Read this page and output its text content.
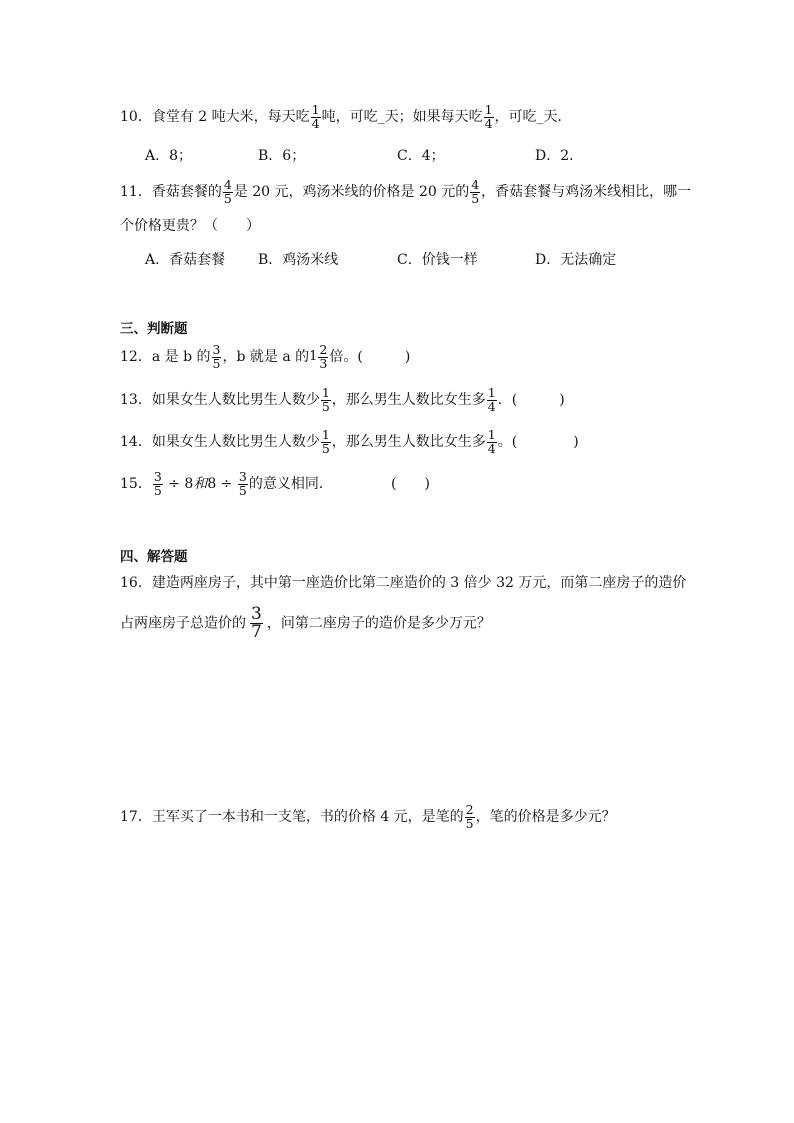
10．食堂有 2 吨大米，每天吃 $\frac{1}{4}$ 吨，可吃_天；如果每天吃 $\frac{1}{4}$ ，可吃_天．
A．8；	B．6；	C．4；	D．2．
11．香菇套餐的 $\frac{4}{5}$ 是 20 元，鸡汤米线的价格是 20 元的 $\frac{4}{5}$ ，香菇套餐与鸡汤米线相比，哪一
个价格更贵？（　　）
A．香菇套餐 B．鸡汤米线	C．价钱一样	D．无法确定
三、判断题
12．a 是 b 的 $\frac{3}{5}$ ，b 就是 a 的$1 \frac{2}{3}$ 倍。(　　　)
13．如果女生人数比男生人数少 $\frac{1}{5}$ ，那么男生人数比女生多 $\frac{1}{4}$ ．(　　　)
14．如果女生人数比男生人数少 $\frac{1}{5}$ ，那么男生人数比女生多 $\frac{1}{4}$ 。(　　　　)
15． $\frac{3}{5} \div 8$和$8 \div \frac{3}{5}$ 的意义相同．	(　　)
四、解答题
16．建造两座房子，其中第一座造价比第二座造价的 3 倍少 32 万元，而第二座房子的造价
占两座房子总造价的 $\frac{3}{7}$ ，问第二座房子的造价是多少万元？
17．王军买了一本书和一支笔，书的价格 4 元，是笔的 $\frac{2}{5}$ ，笔的价格是多少元？
